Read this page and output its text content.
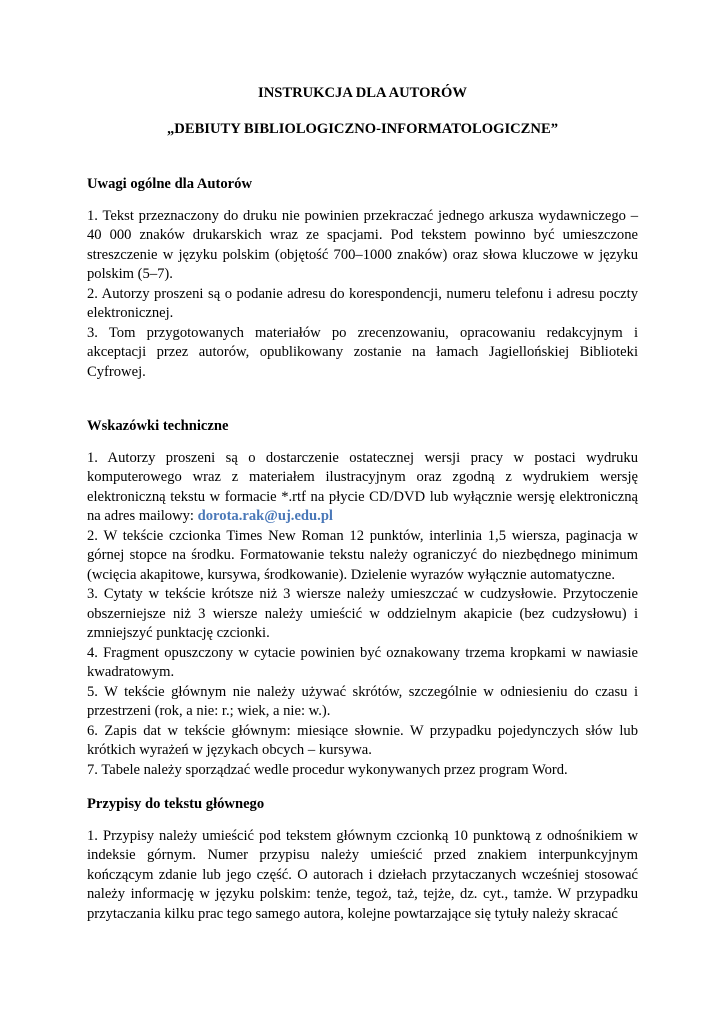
INSTRUKCJA DLA AUTORÓW

„DEBIUTY BIBLIOLOGICZNO-INFORMATOLOGICZNE”

Uwagi ogólne dla Autorów

1. Tekst przeznaczony do druku nie powinien przekraczać jednego arkusza wydawniczego – 40 000 znaków drukarskich wraz ze spacjami. Pod tekstem powinno być umieszczone streszczenie w języku polskim (objętość 700–1000 znaków) oraz słowa kluczowe w języku polskim (5–7).

2. Autorzy proszeni są o podanie adresu do korespondencji, numeru telefonu i adresu poczty elektronicznej.

3. Tom przygotowanych materiałów po zrecenzowaniu, opracowaniu redakcyjnym i akceptacji przez autorów, opublikowany zostanie na łamach Jagiellońskiej Biblioteki Cyfrowej.

Wskazówki techniczne

1. Autorzy proszeni są o dostarczenie ostatecznej wersji pracy w postaci wydruku komputerowego wraz z materiałem ilustracyjnym oraz zgodną z wydrukiem wersję elektroniczną tekstu w formacie *.rtf na płycie CD/DVD lub wyłącznie wersję elektroniczną na adres mailowy: dorota.rak@uj.edu.pl

2. W tekście czcionka Times New Roman 12 punktów, interlinia 1,5 wiersza, paginacja w górnej stopce na środku. Formatowanie tekstu należy ograniczyć do niezbędnego minimum (wcięcia akapitowe, kursywa, środkowanie). Dzielenie wyrazów wyłącznie automatyczne.

3. Cytaty w tekście krótsze niż 3 wiersze należy umieszczać w cudzysłowie. Przytoczenie obszerniejsze niż 3 wiersze należy umieścić w oddzielnym akapicie (bez cudzysłowu) i zmniejszyć punktację czcionki.

4. Fragment opuszczony w cytacie powinien być oznakowany trzema kropkami w nawiasie kwadratowym.

5. W tekście głównym nie należy używać skrótów, szczególnie w odniesieniu do czasu i przestrzeni (rok, a nie: r.; wiek, a nie: w.).

6. Zapis dat w tekście głównym: miesiące słownie. W przypadku pojedynczych słów lub krótkich wyrażeń w językach obcych – kursywa.

7. Tabele należy sporządzać wedle procedur wykonywanych przez program Word.

Przypisy do tekstu głównego

1. Przypisy należy umieścić pod tekstem głównym czcionką 10 punktową z odnośnikiem w indeksie górnym. Numer przypisu należy umieścić przed znakiem interpunkcyjnym kończącym zdanie lub jego część. O autorach i dziełach przytaczanych wcześniej stosować należy informację w języku polskim: tenże, tegoż, taż, tejże, dz. cyt., tamże. W przypadku przytaczania kilku prac tego samego autora, kolejne powtarzające się tytuły należy skracać
